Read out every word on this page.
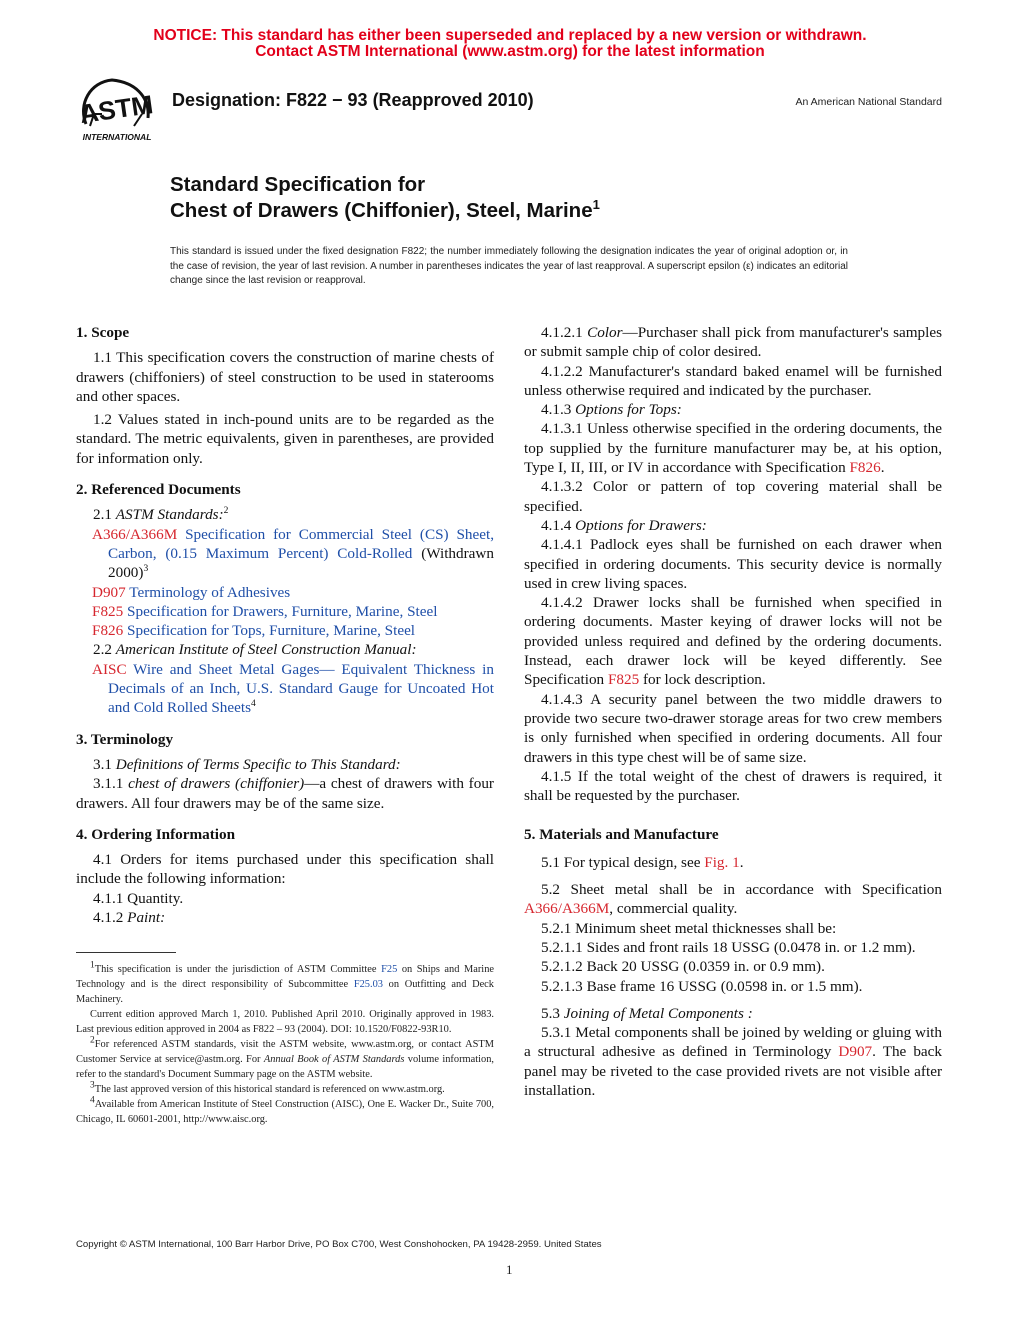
NOTICE: This standard has either been superseded and replaced by a new version or withdrawn.
Contact ASTM International (www.astm.org) for the latest information
ASTM
INTERNATIONAL
Designation: F822 − 93 (Reapproved 2010)	An American National Standard
Standard Specification for
Chest of Drawers (Chiffonier), Steel, Marine$^1$
This standard is issued under the fixed designation F822; the number immediately following the designation indicates the year of original adoption or, in the case of revision, the year of last revision. A number in parentheses indicates the year of last reapproval. A superscript epsilon (ε) indicates an editorial change since the last revision or reapproval.

1. Scope

1.1 This specification covers the construction of marine chests of drawers (chiffoniers) of steel construction to be used in staterooms and other spaces.

1.2 Values stated in inch-pound units are to be regarded as the standard. The metric equivalents, given in parentheses, are provided for information only.

2. Referenced Documents

2.1 ASTM Standards:$^2$

A366/A366M Specification for Commercial Steel (CS) Sheet, Carbon, (0.15 Maximum Percent) Cold-Rolled (Withdrawn 2000)$^3$

D907 Terminology of Adhesives

F825 Specification for Drawers, Furniture, Marine, Steel

F826 Specification for Tops, Furniture, Marine, Steel

2.2 American Institute of Steel Construction Manual:

AISC Wire and Sheet Metal Gages— Equivalent Thickness in Decimals of an Inch, U.S. Standard Gauge for Uncoated Hot and Cold Rolled Sheets$^4$

3. Terminology

3.1 Definitions of Terms Specific to This Standard:

3.1.1 chest of drawers (chiffonier)—a chest of drawers with four drawers. All four drawers may be of the same size.

4. Ordering Information

4.1 Orders for items purchased under this specification shall include the following information:

4.1.1 Quantity.

4.1.2 Paint:

$^1$This specification is under the jurisdiction of ASTM Committee F25 on Ships and Marine Technology and is the direct responsibility of Subcommittee F25.03 on Outfitting and Deck Machinery.

Current edition approved March 1, 2010. Published April 2010. Originally approved in 1983. Last previous edition approved in 2004 as F822 – 93 (2004). DOI: 10.1520/F0822-93R10.

$^2$For referenced ASTM standards, visit the ASTM website, www.astm.org, or contact ASTM Customer Service at service@astm.org. For Annual Book of ASTM Standards volume information, refer to the standard's Document Summary page on the ASTM website.

$^3$The last approved version of this historical standard is referenced on www.astm.org.

$^4$Available from American Institute of Steel Construction (AISC), One E. Wacker Dr., Suite 700, Chicago, IL 60601-2001, http://www.aisc.org.

4.1.2.1 Color—Purchaser shall pick from manufacturer's samples or submit sample chip of color desired.

4.1.2.2 Manufacturer's standard baked enamel will be furnished unless otherwise required and indicated by the purchaser.

4.1.3 Options for Tops:

4.1.3.1 Unless otherwise specified in the ordering documents, the top supplied by the furniture manufacturer may be, at his option, Type I, II, III, or IV in accordance with Specification F826.

4.1.3.2 Color or pattern of top covering material shall be specified.

4.1.4 Options for Drawers:

4.1.4.1 Padlock eyes shall be furnished on each drawer when specified in ordering documents. This security device is normally used in crew living spaces.

4.1.4.2 Drawer locks shall be furnished when specified in ordering documents. Master keying of drawer locks will not be provided unless required and defined by the ordering documents. Instead, each drawer lock will be keyed differently. See Specification F825 for lock description.

4.1.4.3 A security panel between the two middle drawers to provide two secure two-drawer storage areas for two crew members is only furnished when specified in ordering documents. All four drawers in this type chest will be of same size.

4.1.5 If the total weight of the chest of drawers is required, it shall be requested by the purchaser.

5. Materials and Manufacture

5.1 For typical design, see Fig. 1.

5.2 Sheet metal shall be in accordance with Specification A366/A366M, commercial quality.

5.2.1 Minimum sheet metal thicknesses shall be:

5.2.1.1 Sides and front rails 18 USSG (0.0478 in. or 1.2 mm).

5.2.1.2 Back 20 USSG (0.0359 in. or 0.9 mm).

5.2.1.3 Base frame 16 USSG (0.0598 in. or 1.5 mm).

5.3 Joining of Metal Components :

5.3.1 Metal components shall be joined by welding or gluing with a structural adhesive as defined in Terminology D907. The back panel may be riveted to the case provided rivets are not visible after installation.

Copyright © ASTM International, 100 Barr Harbor Drive, PO Box C700, West Conshohocken, PA 19428-2959. United States
1
